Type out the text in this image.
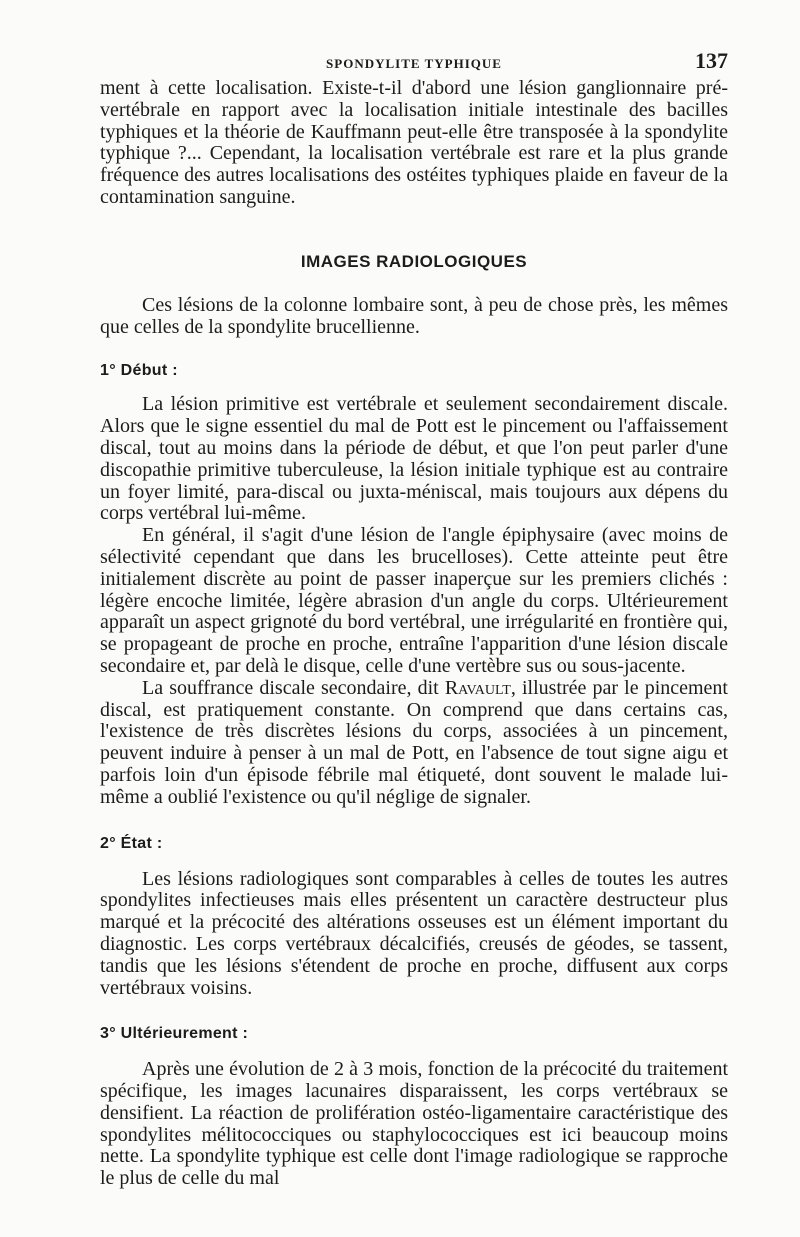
SPONDYLITE TYPHIQUE	137

ment à cette localisation. Existe-t-il d'abord une lésion ganglionnaire pré-vertébrale en rapport avec la localisation initiale intestinale des bacilles typhiques et la théorie de Kauffmann peut-elle être transposée à la spondylite typhique ?... Cependant, la localisation vertébrale est rare et la plus grande fréquence des autres localisations des ostéites typhiques plaide en faveur de la contamination sanguine.

IMAGES RADIOLOGIQUES

Ces lésions de la colonne lombaire sont, à peu de chose près, les mêmes que celles de la spondylite brucellienne.

1° Début :

La lésion primitive est vertébrale et seulement secondairement discale. Alors que le signe essentiel du mal de Pott est le pincement ou l'affaissement discal, tout au moins dans la période de début, et que l'on peut parler d'une discopathie primitive tuberculeuse, la lésion initiale typhique est au contraire un foyer limité, para-discal ou juxta-méniscal, mais toujours aux dépens du corps vertébral lui-même.

En général, il s'agit d'une lésion de l'angle épiphysaire (avec moins de sélectivité cependant que dans les brucelloses). Cette atteinte peut être initialement discrète au point de passer inaperçue sur les premiers clichés : légère encoche limitée, légère abrasion d'un angle du corps. Ultérieurement apparaît un aspect grignoté du bord vertébral, une irrégularité en frontière qui, se propageant de proche en proche, entraîne l'apparition d'une lésion discale secondaire et, par delà le disque, celle d'une vertèbre sus ou sous-jacente.

La souffrance discale secondaire, dit Ravault, illustrée par le pincement discal, est pratiquement constante. On comprend que dans certains cas, l'existence de très discrètes lésions du corps, associées à un pincement, peuvent induire à penser à un mal de Pott, en l'absence de tout signe aigu et parfois loin d'un épisode fébrile mal étiqueté, dont souvent le malade lui-même a oublié l'existence ou qu'il néglige de signaler.

2° État :

Les lésions radiologiques sont comparables à celles de toutes les autres spondylites infectieuses mais elles présentent un caractère destructeur plus marqué et la précocité des altérations osseuses est un élément important du diagnostic. Les corps vertébraux décalcifiés, creusés de géodes, se tassent, tandis que les lésions s'étendent de proche en proche, diffusent aux corps vertébraux voisins.

3° Ultérieurement :

Après une évolution de 2 à 3 mois, fonction de la précocité du traitement spécifique, les images lacunaires disparaissent, les corps vertébraux se densifient. La réaction de prolifération ostéo-ligamentaire caractéristique des spondylites mélitococciques ou staphylococciques est ici beaucoup moins nette. La spondylite typhique est celle dont l'image radiologique se rapproche le plus de celle du mal
